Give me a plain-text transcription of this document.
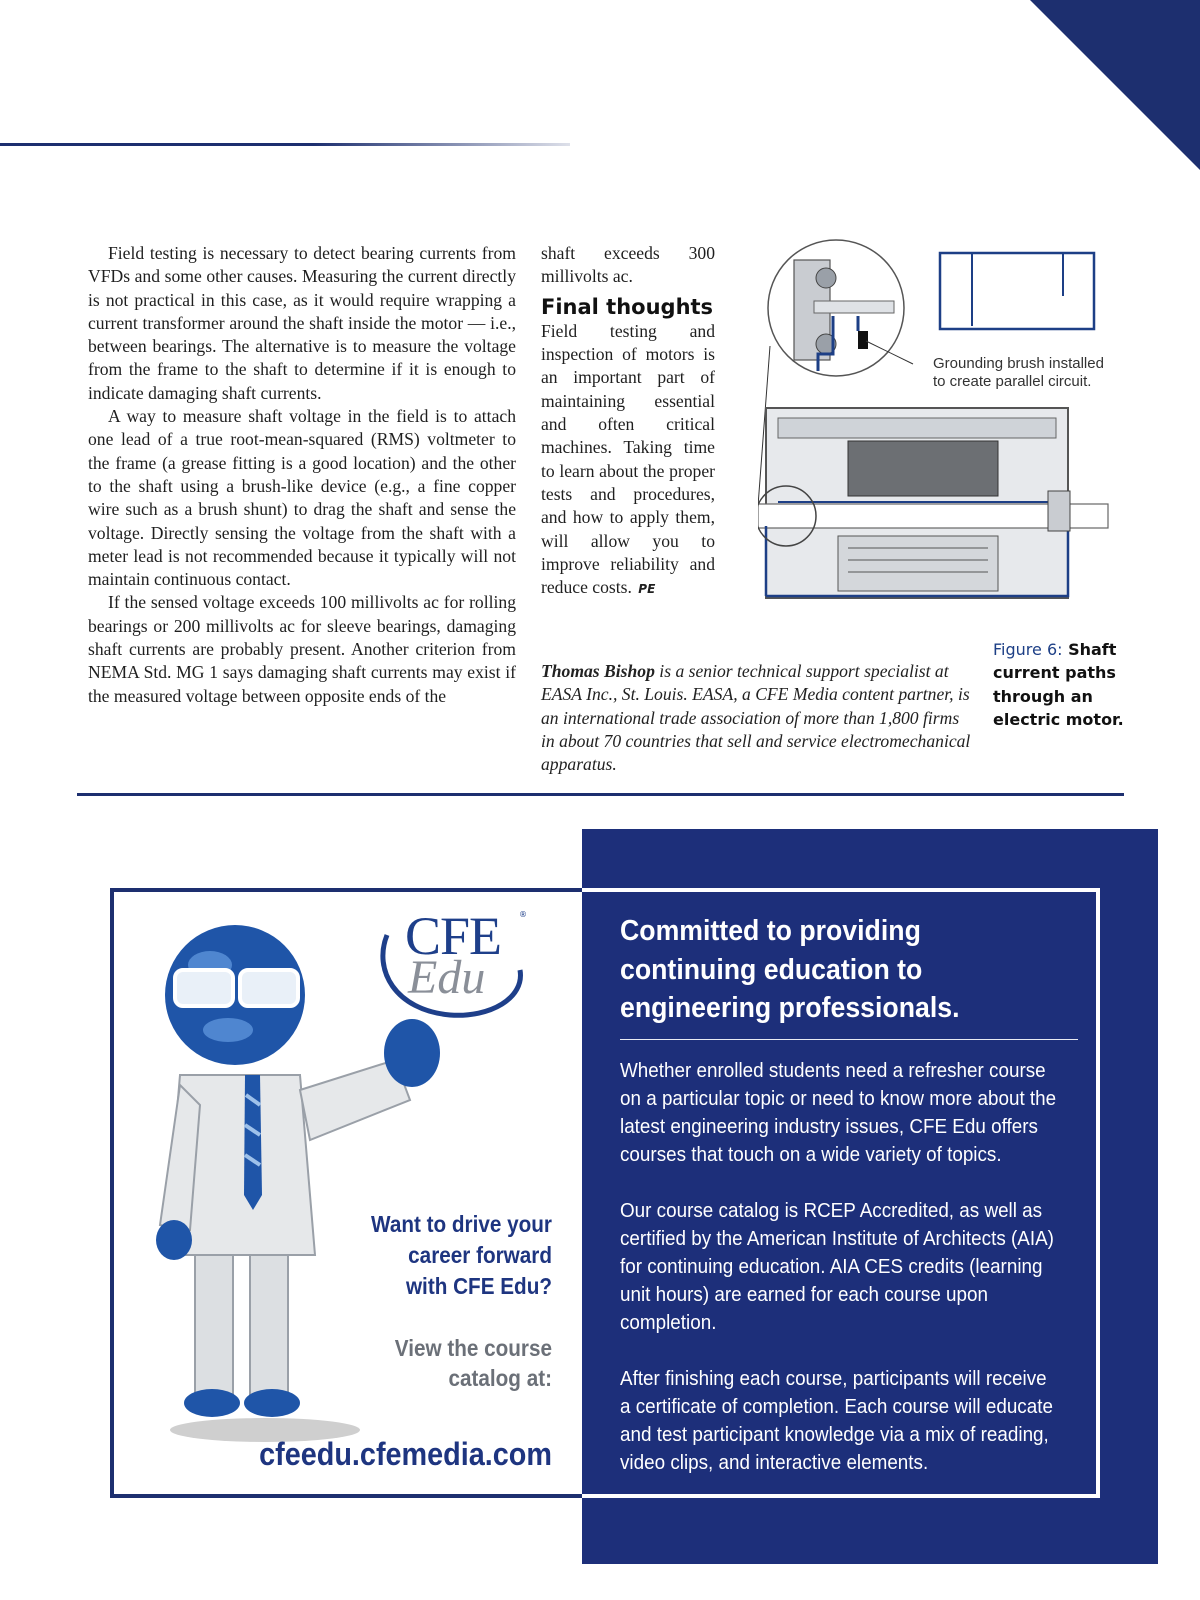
Field testing is necessary to detect bearing currents from VFDs and some other causes. Measuring the current directly is not practical in this case, as it would require wrapping a current transformer around the shaft inside the motor — i.e., between bearings. The alternative is to measure the voltage from the frame to the shaft to determine if it is enough to indicate damaging shaft currents.

A way to measure shaft voltage in the field is to attach one lead of a true root-mean-squared (RMS) voltmeter to the frame (a grease fitting is a good location) and the other to the shaft using a brush-like device (e.g., a fine copper wire such as a brush shunt) to drag the shaft and sense the voltage. Directly sensing the voltage from the shaft with a meter lead is not recommended because it typically will not maintain continuous contact.

If the sensed voltage exceeds 100 millivolts ac for rolling bearings or 200 millivolts ac for sleeve bearings, damaging shaft currents are probably present. Another criterion from NEMA Std. MG 1 says damaging shaft currents may exist if the measured voltage between opposite ends of the

shaft exceeds 300 millivolts ac.

Final thoughts

Field testing and inspection of motors is an important part of maintaining essential and often critical machines. Taking time to learn about the proper tests and procedures, and how to apply them, will allow you to improve reliability and reduce costs. PE

Thomas Bishop is a senior technical support specialist at EASA Inc., St. Louis. EASA, a CFE Media content partner, is an international trade association of more than 1,800 firms in about 70 countries that sell and service electromechanical apparatus.
Grounding brush installed
to create parallel circuit.
Figure 6: Shaft current paths through an electric motor.
CFE ®
Edu
Want to drive your
career forward
with CFE Edu?
View the course
catalog at:
cfeedu.cfemedia.com
Committed to providing continuing education to engineering professionals.

Whether enrolled students need a refresher course on a particular topic or need to know more about the latest engineering industry issues, CFE Edu offers courses that touch on a wide variety of topics.

Our course catalog is RCEP Accredited, as well as certified by the American Institute of Architects (AIA) for continuing education. AIA CES credits (learning unit hours) are earned for each course upon completion.

After finishing each course, participants will receive a certificate of completion. Each course will educate and test participant knowledge via a mix of reading, video clips, and interactive elements.
